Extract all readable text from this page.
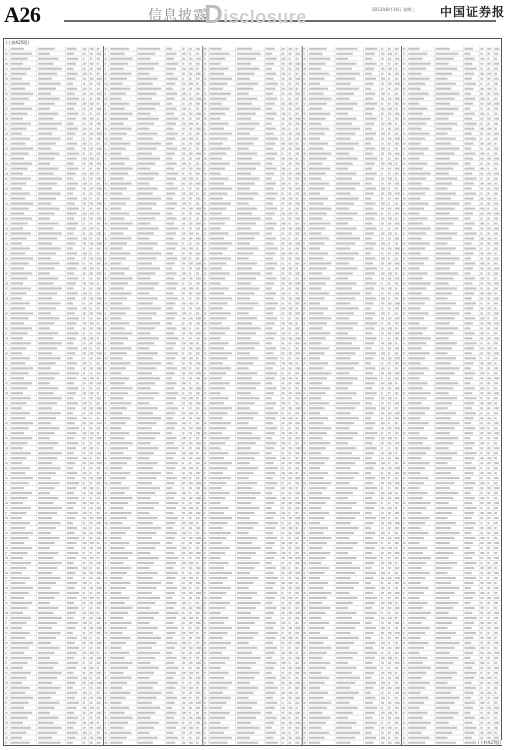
A26	信息披露
Disclosure	2013年8月14日 星期三 中国证券报
(上接A25版)
(下转A27版)
